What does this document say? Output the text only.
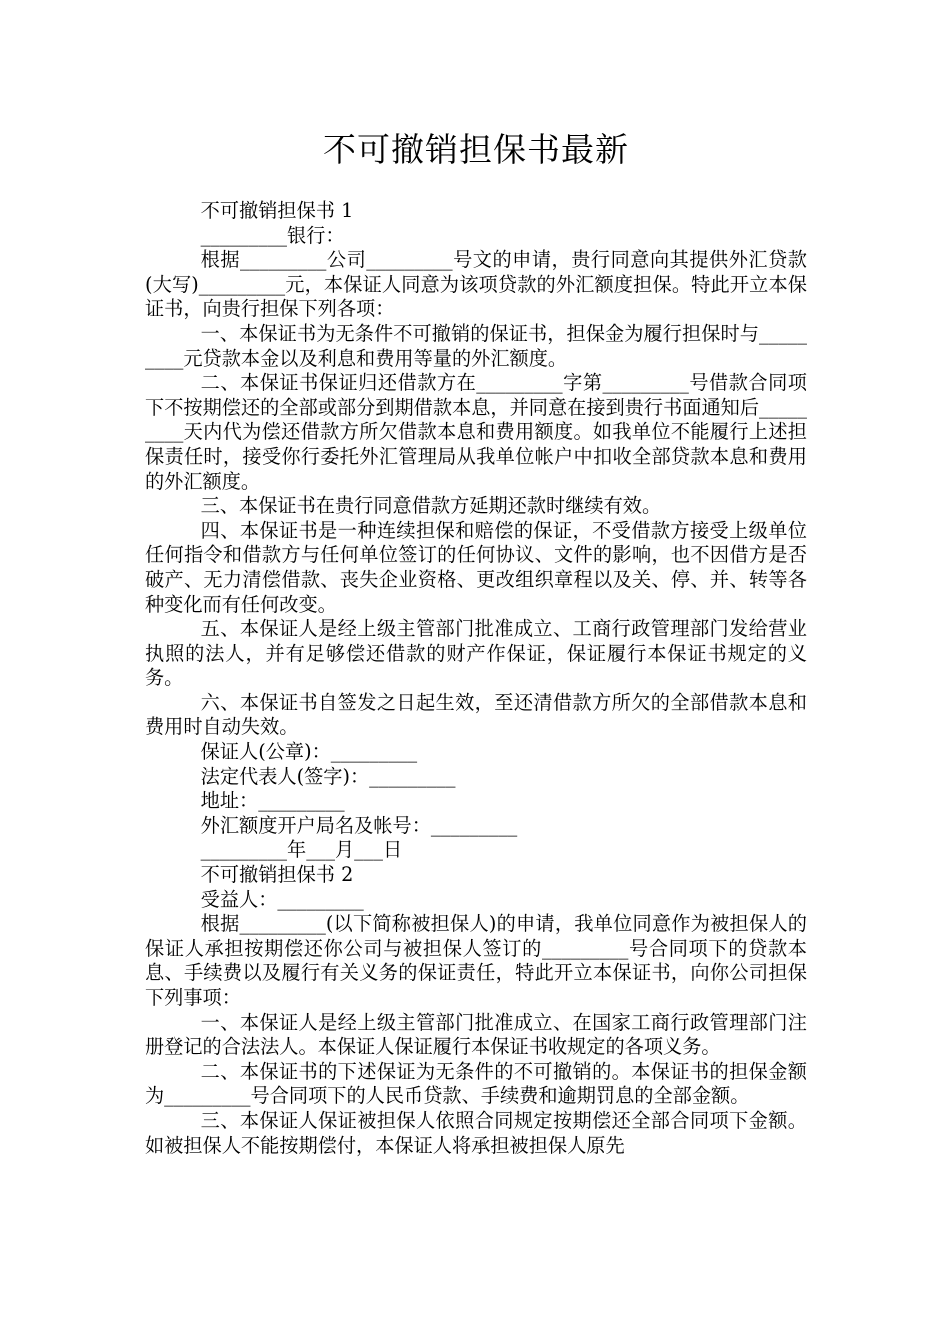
不可撤销担保书最新

不可撤销担保书 1

_________银行：

根据_________公司_________号文的申请，贵行同意向其提供外汇贷款(大写)_________元，本保证人同意为该项贷款的外汇额度担保。特此开立本保证书，向贵行担保下列各项：

一、本保证书为无条件不可撤销的保证书，担保金为履行担保时与_________元贷款本金以及利息和费用等量的外汇额度。

二、本保证书保证归还借款方在_________字第_________号借款合同项下不按期偿还的全部或部分到期借款本息，并同意在接到贵行书面通知后_________天内代为偿还借款方所欠借款本息和费用额度。如我单位不能履行上述担保责任时，接受你行委托外汇管理局从我单位帐户中扣收全部贷款本息和费用的外汇额度。

三、本保证书在贵行同意借款方延期还款时继续有效。

四、本保证书是一种连续担保和赔偿的保证，不受借款方接受上级单位任何指令和借款方与任何单位签订的任何协议、文件的影响，也不因借方是否破产、无力清偿借款、丧失企业资格、更改组织章程以及关、停、并、转等各种变化而有任何改变。

五、本保证人是经上级主管部门批准成立、工商行政管理部门发给营业执照的法人，并有足够偿还借款的财产作保证，保证履行本保证书规定的义务。

六、本保证书自签发之日起生效，至还清借款方所欠的全部借款本息和费用时自动失效。

保证人(公章)：_________

法定代表人(签字)：_________

地址：_________

外汇额度开户局名及帐号：_________

_________年___月___日

不可撤销担保书 2

受益人：_________

根据_________(以下简称被担保人)的申请，我单位同意作为被担保人的保证人承担按期偿还你公司与被担保人签订的_________号合同项下的贷款本息、手续费以及履行有关义务的保证责任，特此开立本保证书，向你公司担保下列事项：

一、本保证人是经上级主管部门批准成立、在国家工商行政管理部门注册登记的合法法人。本保证人保证履行本保证书收规定的各项义务。

二、本保证书的下述保证为无条件的不可撤销的。本保证书的担保金额为_________号合同项下的人民币贷款、手续费和逾期罚息的全部金额。

三、本保证人保证被担保人依照合同规定按期偿还全部合同项下金额。如被担保人不能按期偿付，本保证人将承担被担保人原先
